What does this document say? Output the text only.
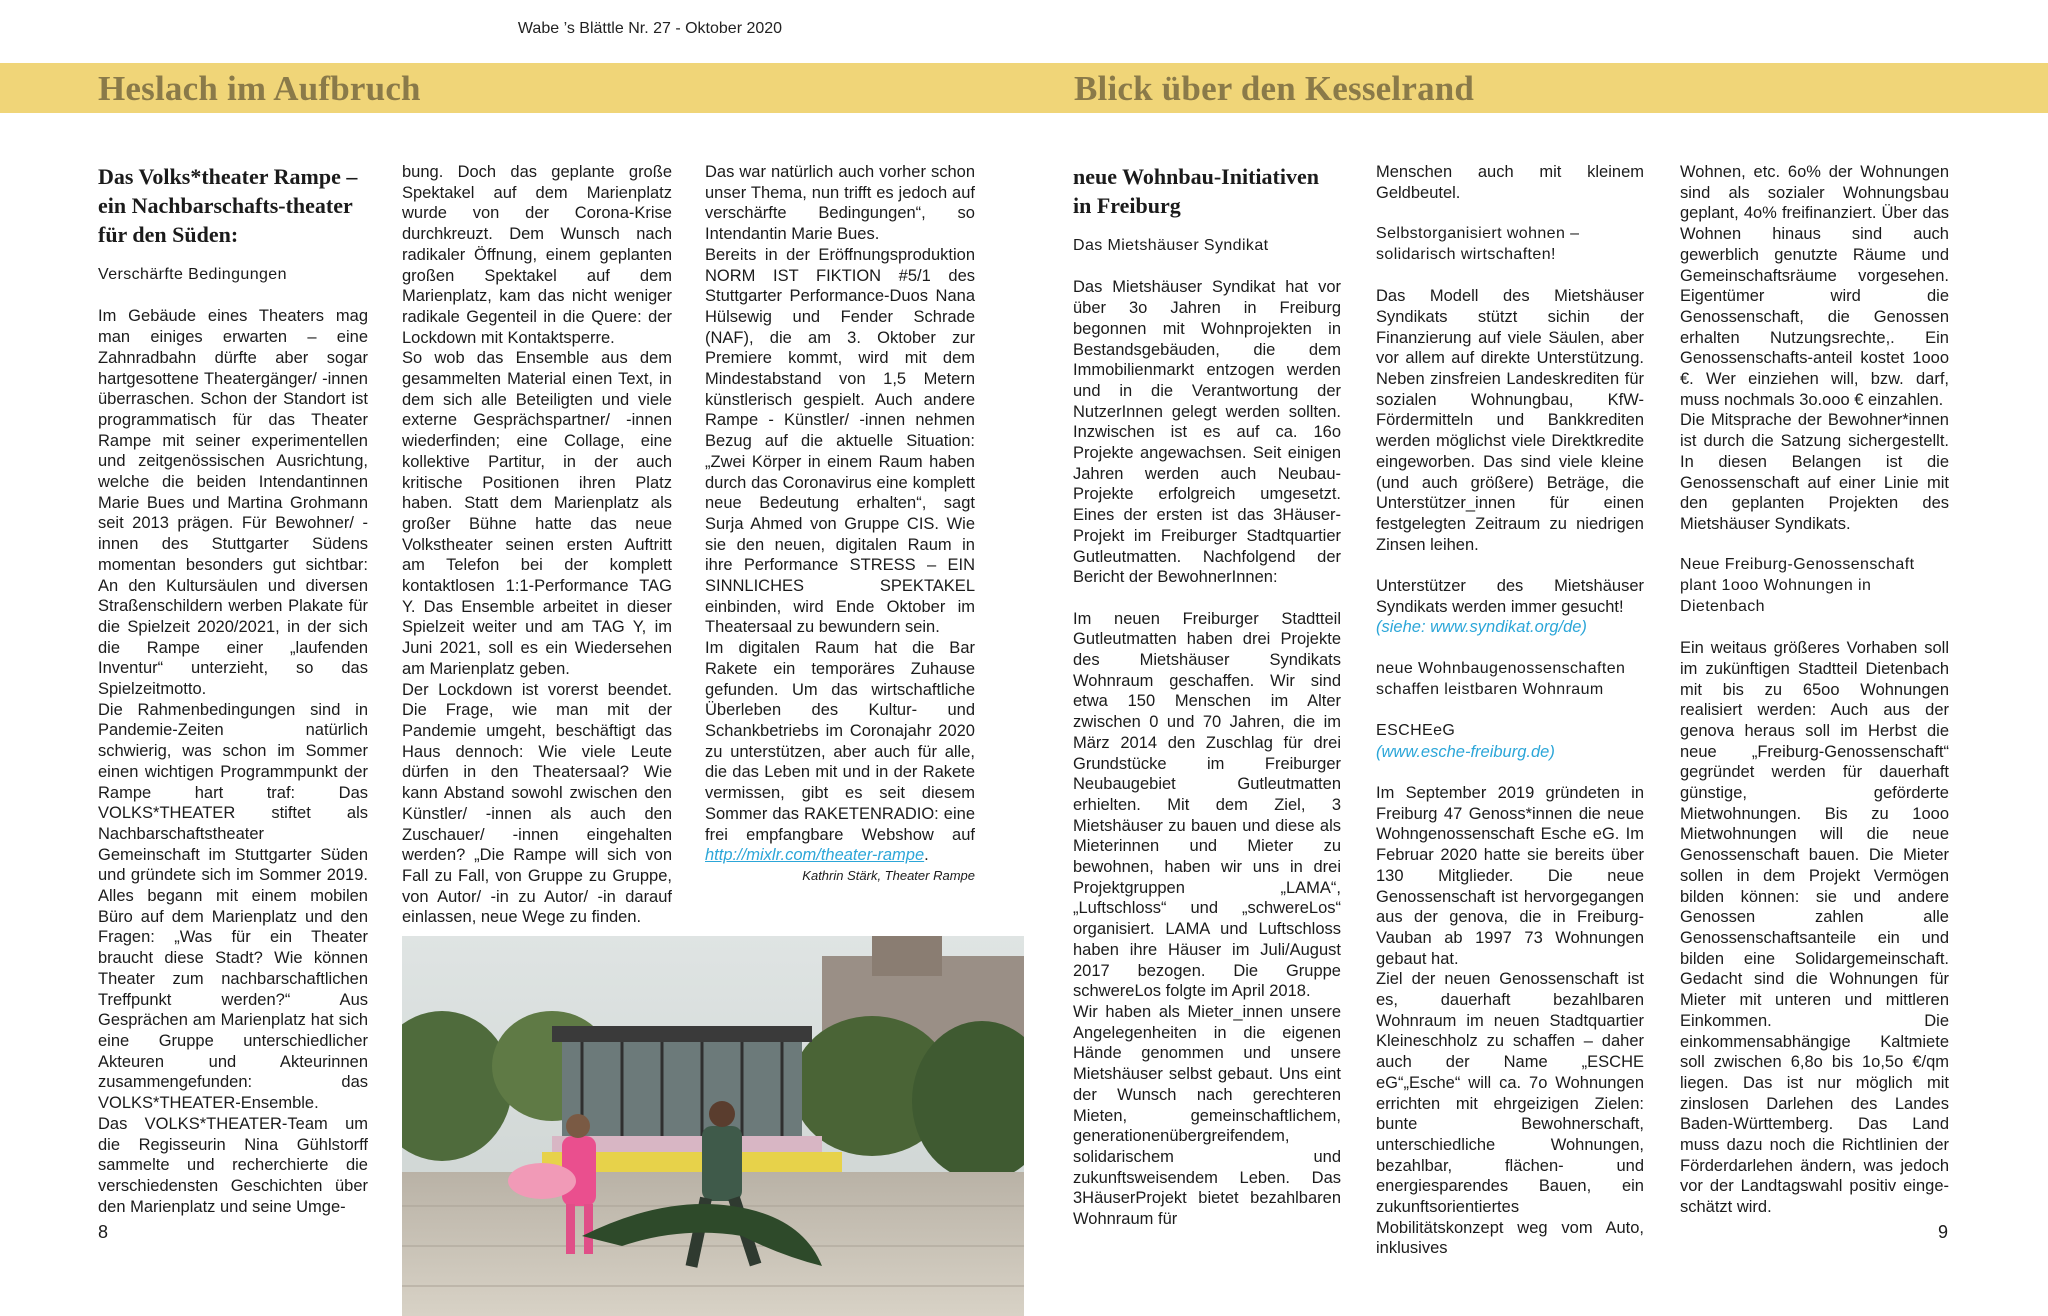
Wabe ’s Blättle Nr. 27 - Oktober 2020
Heslach im Aufbruch	Blick über den Kesselrand

Das Volks*theater Rampe – ein Nachbarschafts-theater für den Süden:

Verschärfte Bedingungen

Im Gebäude eines Theaters mag man einiges erwarten – eine Zahnradbahn dürfte aber sogar hartgesottene Theatergänger/ -innen überraschen. Schon der Standort ist programmatisch für das Theater Rampe mit seiner experimentellen und zeitgenössischen Ausrichtung, welche die beiden Intendantinnen Marie Bues und Martina Grohmann seit 2013 prägen. Für Bewohner/ -innen des Stuttgarter Südens momentan besonders gut sichtbar: An den Kultursäulen und diversen Straßenschildern werben Plakate für die Spielzeit 2020/2021, in der sich die Rampe einer „laufenden Inventur“ unterzieht, so das Spielzeitmotto.

Die Rahmenbedingungen sind in Pandemie-Zeiten natürlich schwierig, was schon im Sommer einen wichtigen Programmpunkt der Rampe hart traf: Das VOLKS*THEATER stiftet als Nachbarschaftstheater Gemeinschaft im Stuttgarter Süden und gründete sich im Sommer 2019. Alles begann mit einem mobilen Büro auf dem Marienplatz und den Fragen: „Was für ein Theater braucht diese Stadt? Wie können Theater zum nachbarschaftlichen Treffpunkt werden?“ Aus Gesprächen am Marienplatz hat sich eine Gruppe unterschiedlicher Akteuren und Akteurinnen zusammengefunden: das VOLKS*THEATER-Ensemble.

Das VOLKS*THEATER-Team um die Regisseurin Nina Gühlstorff sammelte und recherchierte die verschiedensten Geschichten über den Marienplatz und seine Umge-

bung. Doch das geplante große Spektakel auf dem Marienplatz wurde von der Corona-Krise durchkreuzt. Dem Wunsch nach radikaler Öffnung, einem geplanten großen Spektakel auf dem Marienplatz, kam das nicht weniger radikale Gegenteil in die Quere: der Lockdown mit Kontaktsperre.

So wob das Ensemble aus dem gesammelten Material einen Text, in dem sich alle Beteiligten und viele externe Gesprächspartner/ -innen wiederfinden; eine Collage, eine kollektive Partitur, in der auch kritische Positionen ihren Platz haben. Statt dem Marienplatz als großer Bühne hatte das neue Volkstheater seinen ersten Auftritt am Telefon bei der komplett kontaktlosen 1:1-Performance TAG Y. Das Ensemble arbeitet in dieser Spielzeit weiter und am TAG Y, im Juni 2021, soll es ein Wiedersehen am Marienplatz geben.

Der Lockdown ist vorerst beendet. Die Frage, wie man mit der Pandemie umgeht, beschäftigt das Haus dennoch: Wie viele Leute dürfen in den Theatersaal? Wie kann Abstand sowohl zwischen den Künstler/ -innen als auch den Zuschauer/ -innen eingehalten werden? „Die Rampe will sich von Fall zu Fall, von Gruppe zu Gruppe, von Autor/ -in zu Autor/ -in darauf einlassen, neue Wege zu finden.

Das war natürlich auch vorher schon unser Thema, nun trifft es jedoch auf verschärfte Bedingungen“, so Intendantin Marie Bues.

Bereits in der Eröffnungsproduktion NORM IST FIKTION #5/1 des Stuttgarter Performance-Duos Nana Hülsewig und Fender Schrade (NAF), die am 3. Oktober zur Premiere kommt, wird mit dem Mindestabstand von 1,5 Metern künstlerisch gespielt. Auch andere Rampe - Künstler/ -innen nehmen Bezug auf die aktuelle Situation: „Zwei Körper in einem Raum haben durch das Coronavirus eine komplett neue Bedeutung erhalten“, sagt Surja Ahmed von Gruppe CIS. Wie sie den neuen, digitalen Raum in ihre Performance STRESS – EIN SINNLICHES SPEKTAKEL einbinden, wird Ende Oktober im Theatersaal zu bewundern sein.

Im digitalen Raum hat die Bar Rakete ein temporäres Zuhause gefunden. Um das wirtschaftliche Überleben des Kultur- und Schankbetriebs im Coronajahr 2020 zu unterstützen, aber auch für alle, die das Leben mit und in der Rakete vermissen, gibt es seit diesem Sommer das RAKETENRADIO: eine frei empfangbare Webshow auf http://mixlr.com/theater-rampe.

Kathrin Stärk, Theater Rampe

neue Wohnbau-Initiativen in Freiburg

Das Mietshäuser Syndikat

Das Mietshäuser Syndikat hat vor über 3o Jahren in Freiburg begonnen mit Wohnprojekten in Bestandsgebäuden, die dem Immobilienmarkt entzogen werden und in die Verantwortung der NutzerInnen gelegt werden sollten. Inzwischen ist es auf ca. 16o Projekte angewachsen. Seit einigen Jahren werden auch Neubau-Projekte erfolgreich umgesetzt. Eines der ersten ist das 3Häuser-Projekt im Freiburger Stadtquartier Gutleutmatten. Nachfolgend der Bericht der BewohnerInnen:

Im neuen Freiburger Stadtteil Gutleutmatten haben drei Projekte des Mietshäuser Syndikats Wohnraum geschaffen. Wir sind etwa 150 Menschen im Alter zwischen 0 und 70 Jahren, die im März 2014 den Zuschlag für drei Grundstücke im Freiburger Neubaugebiet Gutleutmatten erhielten. Mit dem Ziel, 3 Mietshäuser zu bauen und diese als Mieterinnen und Mieter zu bewohnen, haben wir uns in drei Projektgruppen „LAMA“, „Luftschloss“ und „schwereLos“ organisiert. LAMA und Luftschloss haben ihre Häuser im Juli/August 2017 bezogen. Die Gruppe schwereLos folgte im April 2018.

Wir haben als Mieter_innen unsere Angelegenheiten in die eigenen Hände genommen und unsere Mietshäuser selbst gebaut. Uns eint der Wunsch nach gerechteren Mieten, gemeinschaftlichem, generationenübergreifendem, solidarischem und zukunftsweisendem Leben. Das 3HäuserProjekt bietet bezahlbaren Wohnraum für

Menschen auch mit kleinem Geldbeutel.

Selbstorganisiert wohnen – solidarisch wirtschaften!

Das Modell des Mietshäuser Syndikats stützt sichin der Finanzierung auf viele Säulen, aber vor allem auf direkte Unterstützung. Neben zinsfreien Landeskrediten für sozialen Wohnungbau, KfW-Fördermitteln und Bankkrediten werden möglichst viele Direktkredite eingeworben. Das sind viele kleine (und auch größere) Beträge, die Unterstützer_innen für einen festgelegten Zeitraum zu niedrigen Zinsen leihen.

Unterstützer des Mietshäuser Syndikats werden immer gesucht!

(siehe: www.syndikat.org/de)

neue Wohnbaugenossenschaften schaffen leistbaren Wohnraum

ESCHEeG

(www.esche-freiburg.de)

Im September 2019 gründeten in Freiburg 47 Genoss*innen die neue Wohngenossenschaft Esche eG. Im Februar 2020 hatte sie bereits über 130 Mitglieder. Die neue Genossenschaft ist hervorgegangen aus der genova, die in Freiburg-Vauban ab 1997 73 Wohnungen gebaut hat.

Ziel der neuen Genossenschaft ist es, dauerhaft bezahlbaren Wohnraum im neuen Stadtquartier Kleineschholz zu schaffen – daher auch der Name „ESCHE eG“„Esche“ will ca. 7o Wohnungen errichten mit ehrgeizigen Zielen: bunte Bewohnerschaft, unterschiedliche Wohnungen, bezahlbar, flächen- und energiesparendes Bauen, ein zukunftsorientiertes Mobilitätskonzept weg vom Auto, inklusives

Wohnen, etc. 6o% der Wohnungen sind als sozialer Wohnungsbau geplant, 4o% freifinanziert. Über das Wohnen hinaus sind auch gewerblich genutzte Räume und Gemeinschaftsräume vorgesehen. Eigentümer wird die Genossenschaft, die Genossen erhalten Nutzungsrechte,. Ein Genossenschafts-anteil kostet 1ooo €. Wer einziehen will, bzw. darf, muss nochmals 3o.ooo € einzahlen.

Die Mitsprache der Bewohner*innen ist durch die Satzung sichergestellt. In diesen Belangen ist die Genossenschaft auf einer Linie mit den geplanten Projekten des Mietshäuser Syndikats.

Neue Freiburg-Genossenschaft plant 1ooo Wohnungen in Dietenbach

Ein weitaus größeres Vorhaben soll im zukünftigen Stadtteil Dietenbach mit bis zu 65oo Wohnungen realisiert werden: Auch aus der genova heraus soll im Herbst die neue „Freiburg-Genossenschaft“ gegründet werden für dauerhaft günstige, geförderte Mietwohnungen. Bis zu 1ooo Mietwohnungen will die neue Genossenschaft bauen. Die Mieter sollen in dem Projekt Vermögen bilden können: sie und andere Genossen zahlen alle Genossenschaftsanteile ein und bilden eine Solidargemeinschaft. Gedacht sind die Wohnungen für Mieter mit unteren und mittleren Einkommen. Die einkommensabhängige Kaltmiete soll zwischen 6,8o bis 1o,5o €/qm liegen. Das ist nur möglich mit zinslosen Darlehen des Landes Baden-Württemberg. Das Land muss dazu noch die Richtlinien der Förderdarlehen ändern, was jedoch vor der Landtagswahl positiv einge-schätzt wird.

8	9
